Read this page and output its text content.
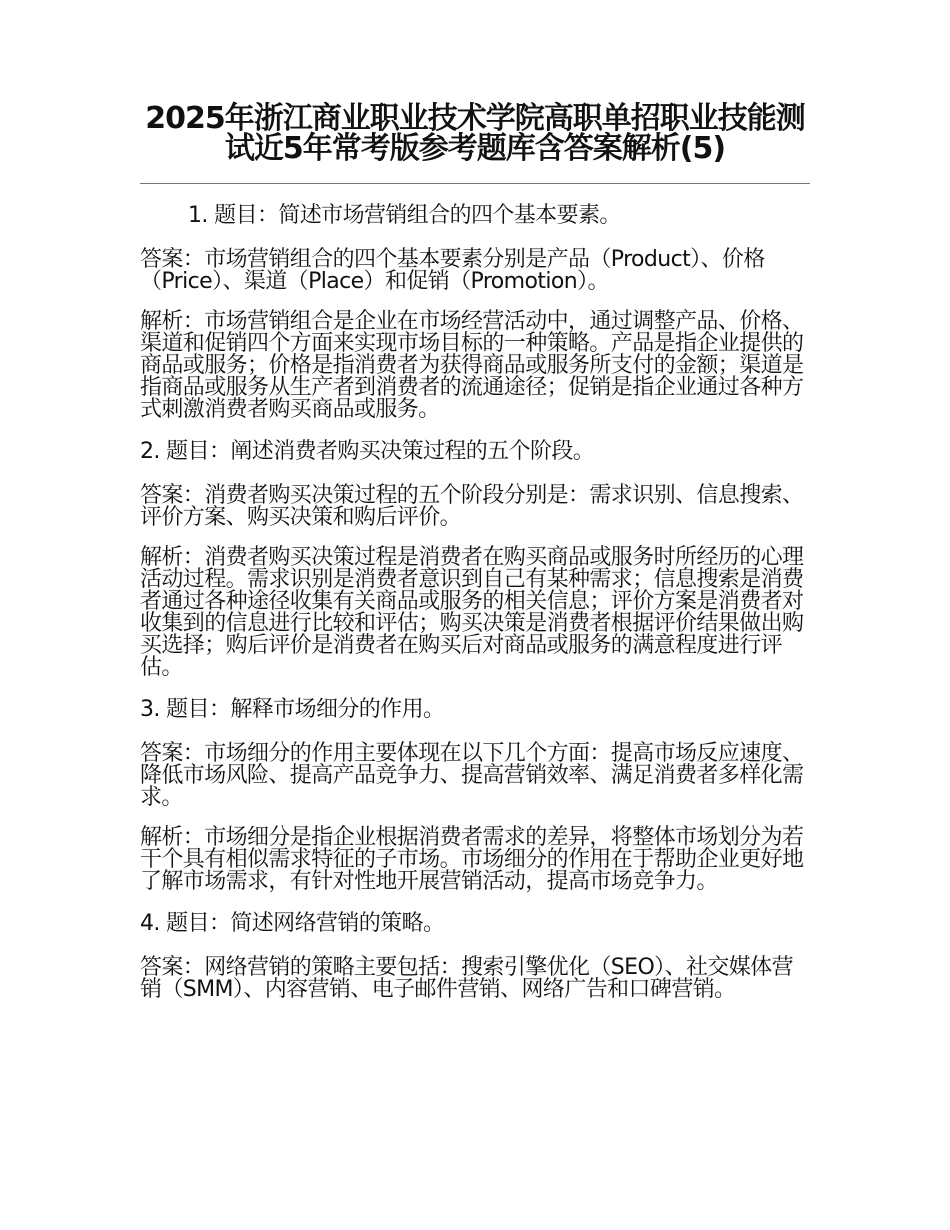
2025年浙江商业职业技术学院高职单招职业技能测试近5年常考版参考题库含答案解析(5)

1. 题目：简述市场营销组合的四个基本要素。

答案：市场营销组合的四个基本要素分别是产品（Product）、价格（Price）、渠道（Place）和促销（Promotion）。

解析：市场营销组合是企业在市场经营活动中，通过调整产品、价格、渠道和促销四个方面来实现市场目标的一种策略。产品是指企业提供的商品或服务；价格是指消费者为获得商品或服务所支付的金额；渠道是指商品或服务从生产者到消费者的流通途径；促销是指企业通过各种方式刺激消费者购买商品或服务。

2. 题目：阐述消费者购买决策过程的五个阶段。

答案：消费者购买决策过程的五个阶段分别是：需求识别、信息搜索、评价方案、购买决策和购后评价。

解析：消费者购买决策过程是消费者在购买商品或服务时所经历的心理活动过程。需求识别是消费者意识到自己有某种需求；信息搜索是消费者通过各种途径收集有关商品或服务的相关信息；评价方案是消费者对收集到的信息进行比较和评估；购买决策是消费者根据评价结果做出购买选择；购后评价是消费者在购买后对商品或服务的满意程度进行评估。

3. 题目：解释市场细分的作用。

答案：市场细分的作用主要体现在以下几个方面：提高市场反应速度、降低市场风险、提高产品竞争力、提高营销效率、满足消费者多样化需求。

解析：市场细分是指企业根据消费者需求的差异，将整体市场划分为若干个具有相似需求特征的子市场。市场细分的作用在于帮助企业更好地了解市场需求，有针对性地开展营销活动，提高市场竞争力。

4. 题目：简述网络营销的策略。

答案：网络营销的策略主要包括：搜索引擎优化（SEO）、社交媒体营销（SMM）、内容营销、电子邮件营销、网络广告和口碑营销。
